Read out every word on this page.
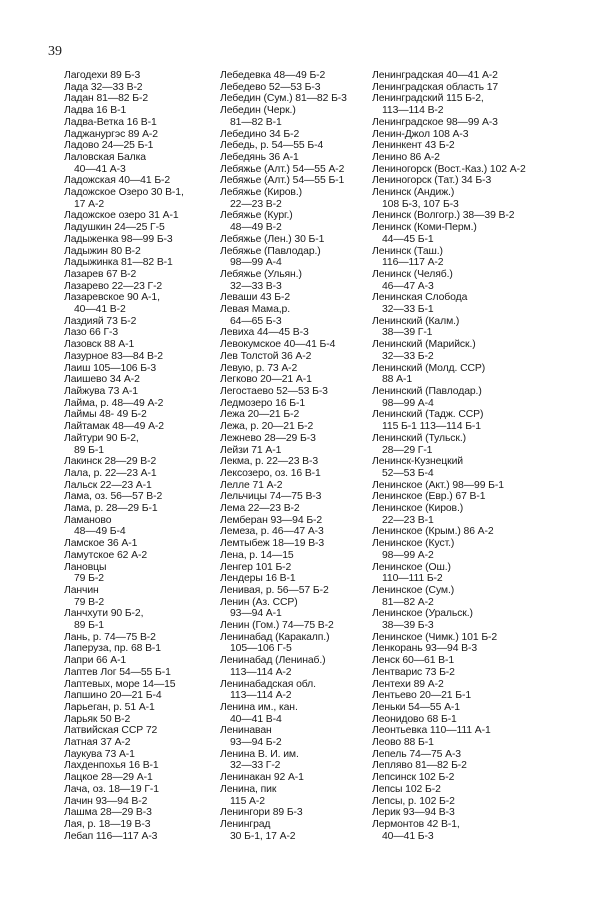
39
Лагодехи 89 Б-3
Лада 32—33 В-2
Ладан 81—82 Б-2
Ладва 16 В-1
Ладва-Ветка 16 В-1
Ладжанургэс 89 А-2
Ладово 24—25 Б-1
Лаловская Балка
40—41 А-3
Ладожская 40—41 Б-2
Ладожское Озеро 30 В-1,
17 А-2
Ладожское озеро 31 А-1
Ладушкин 24—25 Г-5
Ладыженка 98—99 Б-3
Ладыжин 80 В-2
Ладыжинка 81—82 В-1
Лазарев 67 В-2
Лазарево 22—23 Г-2
Лазаревское 90 А-1,
40—41 В-2
Лаздияй 73 Б-2
Лазо 66 Г-3
Лазовск 88 А-1
Лазурное 83—84 В-2
Лаиш 105—106 Б-3
Лаишево 34 А-2
Лайжува 73 А-1
Лайма, р. 48—49 А-2
Лаймы 48- 49 Б-2
Лайтамак 48—49 А-2
Лайтури 90 Б-2,
89 Б-1
Лакинск 28—29 В-2
Лала, р. 22—23 А-1
Лальск 22—23 А-1
Лама, оз. 56—57 В-2
Лама, р. 28—29 Б-1
Ламаново
48—49 Б-4
Ламское 36 А-1
Ламутское 62 А-2
Лановцы
79 Б-2
Ланчин
79 В-2
Ланчхути 90 Б-2,
89 Б-1
Лань, р. 74—75 В-2
Лаперуза, пр. 68 В-1
Лапри 66 А-1
Лаптев Лог 54—55 Б-1
Лаптевых, море 14—15
Лапшино 20—21 Б-4
Ларьеган, р. 51 А-1
Ларьяк 50 В-2
Латвийская ССР 72
Латная 37 А-2
Лаукува 73 А-1
Лахденпохья 16 В-1
Лацкое 28—29 А-1
Лача, оз. 18—19 Г-1
Лачин 93—94 В-2
Лашма 28—29 В-3
Лая, р. 18—19 В-3
Лебап 116—117 А-3
Лебедевка 48—49 Б-2
Лебедево 52—53 Б-3
Лебедин (Сум.) 81—82 Б-3
Лебедин (Черк.)
81—82 В-1
Лебедино 34 Б-2
Лебедь, р. 54—55 Б-4
Лебедянь 36 А-1
Лебяжье (Алт.) 54—55 А-2
Лебяжье (Алт.) 54—55 Б-1
Лебяжье (Киров.)
22—23 В-2
Лебяжье (Кург.)
48—49 В-2
Лебяжье (Лен.) 30 Б-1
Лебяжье (Павлодар.)
98—99 А-4
Лебяжье (Ульян.)
32—33 В-3
Леваши 43 Б-2
Левая Мама,р.
64—65 Б-3
Левиха 44—45 В-3
Левокумское 40—41 Б-4
Лев Толстой 36 А-2
Левую, р. 73 А-2
Легково 20—21 А-1
Легостаево 52—53 Б-3
Ледмозеро 16 Б-1
Лежа 20—21 Б-2
Лежа, р. 20—21 Б-2
Лежнево 28—29 Б-3
Лейзи 71 А-1
Лекма, р. 22—23 В-3
Лексозеро, оз. 16 В-1
Лелле 71 А-2
Лельчицы 74—75 В-3
Лема 22—23 В-2
Лемберан 93—94 Б-2
Лемеза, р. 46—47 А-3
Лемтыбеж 18—19 В-3
Лена, р. 14—15
Ленгер 101 Б-2
Лендеры 16 В-1
Ленивая, р. 56—57 Б-2
Ленин (Аз. ССР)
93—94 А-1
Ленин (Гом.) 74—75 В-2
Ленинабад (Каракалп.)
105—106 Г-5
Ленинабад (Ленинаб.)
113—114 А-2
Ленинабадская обл.
113—114 А-2
Ленина им., кан.
40—41 В-4
Ленинаван
93—94 Б-2
Ленина В. И. им.
32—33 Г-2
Ленинакан 92 А-1
Ленина, пик
115 А-2
Ленингори 89 Б-3
Ленинград
30 Б-1, 17 А-2
Ленинградская 40—41 А-2
Ленинградская область 17
Ленинградский 115 Б-2,
113—114 В-2
Ленинградское 98—99 А-3
Ленин-Джол 108 А-3
Ленинкент 43 Б-2
Ленино 86 А-2
Лениногорск (Вост.-Каз.) 102 А-2
Лениногорск (Тат.) 34 Б-3
Ленинск (Андиж.)
108 Б-3, 107 Б-3
Ленинск (Волгогр.) 38—39 В-2
Ленинск (Коми-Перм.)
44—45 Б-1
Ленинск (Таш.)
116—117 А-2
Ленинск (Челяб.)
46—47 А-3
Ленинская Слобода
32—33 Б-1
Ленинский (Калм.)
38—39 Г-1
Ленинский (Марийск.)
32—33 Б-2
Ленинский (Молд. ССР)
88 А-1
Ленинский (Павлодар.)
98—99 А-4
Ленинский (Тадж. ССР)
115 Б-1 113—114 Б-1
Ленинский (Тульск.)
28—29 Г-1
Ленинск-Кузнецкий
52—53 Б-4
Ленинское (Акт.) 98—99 Б-1
Ленинское (Евр.) 67 В-1
Ленинское (Киров.)
22—23 В-1
Ленинское (Крым.) 86 А-2
Ленинское (Куст.)
98—99 А-2
Ленинское (Ош.)
110—111 Б-2
Ленинское (Сум.)
81—82 А-2
Ленинское (Уральск.)
38—39 Б-3
Ленинское (Чимк.) 101 Б-2
Ленкорань 93—94 В-3
Ленск 60—61 В-1
Лентварис 73 Б-2
Лентехи 89 А-2
Лентьево 20—21 Б-1
Леньки 54—55 А-1
Леонидово 68 Б-1
Леонтьевка 110—111 А-1
Леово 88 Б-1
Лепель 74—75 А-3
Леплявo 81—82 Б-2
Лепсинск 102 Б-2
Лепсы 102 Б-2
Лепсы, р. 102 Б-2
Лерик 93—94 В-3
Лермонтов 42 В-1,
40—41 Б-3
